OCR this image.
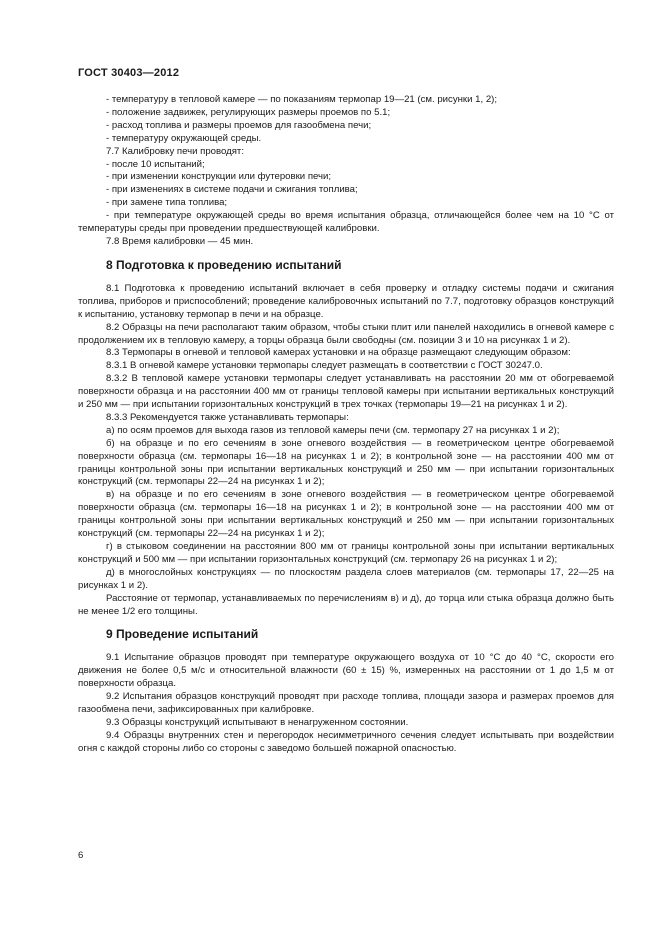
ГОСТ 30403—2012

- температуру в тепловой камере — по показаниям термопар 19—21 (см. рисунки 1, 2);

- положение задвижек, регулирующих размеры проемов по 5.1;

- расход топлива и размеры проемов для газообмена печи;

- температуру окружающей среды.

7.7 Калибровку печи проводят:

- после 10 испытаний;

- при изменении конструкции или футеровки печи;

- при изменениях в системе подачи и сжигания топлива;

- при замене типа топлива;

- при температуре окружающей среды во время испытания образца, отличающейся более чем на 10 °С от температуры среды при проведении предшествующей калибровки.

7.8 Время калибровки — 45 мин.

8 Подготовка к проведению испытаний

8.1 Подготовка к проведению испытаний включает в себя проверку и отладку системы подачи и сжигания топлива, приборов и приспособлений; проведение калибровочных испытаний по 7.7, подготовку образцов конструкций к испытанию, установку термопар в печи и на образце.

8.2 Образцы на печи располагают таким образом, чтобы стыки плит или панелей находились в огневой камере с продолжением их в тепловую камеру, а торцы образца были свободны (см. позиции 3 и 10 на рисунках 1 и 2).

8.3 Термопары в огневой и тепловой камерах установки и на образце размещают следующим образом:

8.3.1 В огневой камере установки термопары следует размещать в соответствии с ГОСТ 30247.0.

8.3.2 В тепловой камере установки термопары следует устанавливать на расстоянии 20 мм от обогреваемой поверхности образца и на расстоянии 400 мм от границы тепловой камеры при испытании вертикальных конструкций и 250 мм — при испытании горизонтальных конструкций в трех точках (термопары 19—21 на рисунках 1 и 2).

8.3.3 Рекомендуется также устанавливать термопары:

а) по осям проемов для выхода газов из тепловой камеры печи (см. термопару 27 на рисунках 1 и 2);

б) на образце и по его сечениям в зоне огневого воздействия — в геометрическом центре обогреваемой поверхности образца (см. термопары 16—18 на рисунках 1 и 2); в контрольной зоне — на расстоянии 400 мм от границы контрольной зоны при испытании вертикальных конструкций и 250 мм — при испытании горизонтальных конструкций (см. термопары 22—24 на рисунках 1 и 2);

в) на образце и по его сечениям в зоне огневого воздействия — в геометрическом центре обогреваемой поверхности образца (см. термопары 16—18 на рисунках 1 и 2); в контрольной зоне — на расстоянии 400 мм от границы контрольной зоны при испытании вертикальных конструкций и 250 мм — при испытании горизонтальных конструкций (см. термопары 22—24 на рисунках 1 и 2);

г) в стыковом соединении на расстоянии 800 мм от границы контрольной зоны при испытании вертикальных конструкций и 500 мм — при испытании горизонтальных конструкций (см. термопару 26 на рисунках 1 и 2);

д) в многослойных конструкциях — по плоскостям раздела слоев материалов (см. термопары 17, 22—25 на рисунках 1 и 2).

Расстояние от термопар, устанавливаемых по перечислениям в) и д), до торца или стыка образца должно быть не менее 1/2 его толщины.

9 Проведение испытаний

9.1 Испытание образцов проводят при температуре окружающего воздуха от 10 °С до 40 °С, скорости его движения не более 0,5 м/с и относительной влажности (60 ± 15) %, измеренных на расстоянии от 1 до 1,5 м от поверхности образца.

9.2 Испытания образцов конструкций проводят при расходе топлива, площади зазора и размерах проемов для газообмена печи, зафиксированных при калибровке.

9.3 Образцы конструкций испытывают в ненагруженном состоянии.

9.4 Образцы внутренних стен и перегородок несимметричного сечения следует испытывать при воздействии огня с каждой стороны либо со стороны с заведомо большей пожарной опасностью.

6
